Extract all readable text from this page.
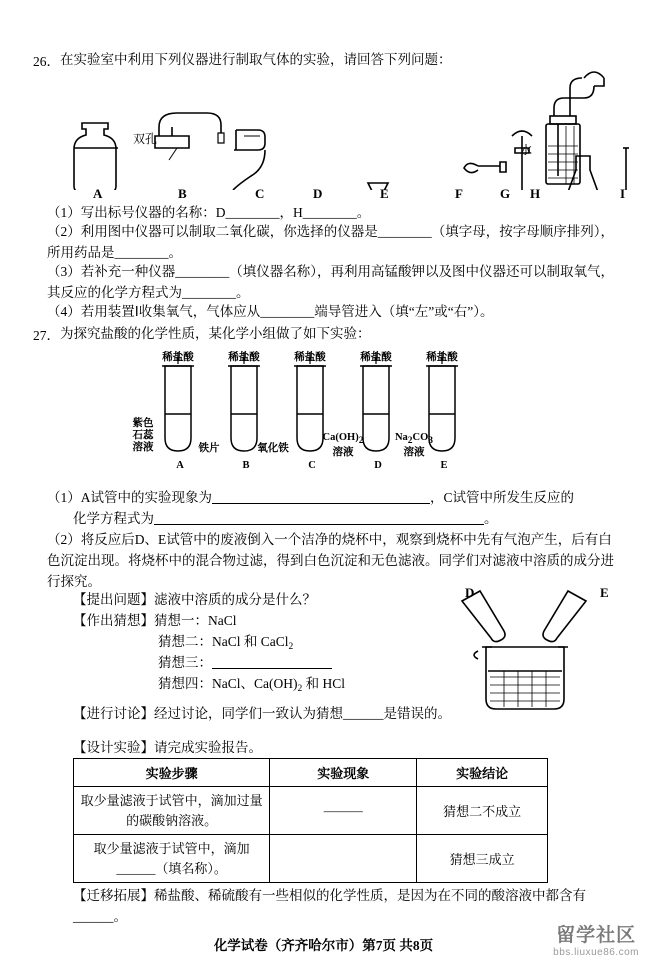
26． 在实验室中利用下列仪器进行制取气体的实验，请回答下列问题：
水
A	B	C	D	E	F	G H	I
双孔
（1）写出标号仪器的名称：D________，H________。
（2）利用图中仪器可以制取二氧化碳，你选择的仪器是________（填字母，按字母顺序排列），所用药品是________。
（3）若补充一种仪器________（填仪器名称），再利用高锰酸钾以及图中仪器还可以制取氧气，其反应的化学方程式为________。
（4）若用装置Ⅰ收集氧气，气体应从________端导管进入（填“左”或“右”）。
27． 为探究盐酸的化学性质，某化学小组做了如下实验：
稀盐酸	稀盐酸	稀盐酸	稀盐酸	稀盐酸
紫色
石蕊
溶液
A
铁片
B
氧化铁
C
Ca(OH)2
溶液
D
Na2CO3
溶液
E
（1）A试管中的实验现象为	，C试管中所发生反应的
化学方程式为	。
（2）将反应后D、E试管中的废液倒入一个洁净的烧杯中，观察到烧杯中先有气泡产生，后有白色沉淀出现。将烧杯中的混合物过滤，得到白色沉淀和无色滤液。同学们对滤液中溶质的成分进行探究。
【提出问题】滤液中溶质的成分是什么？
【作出猜想】猜想一：NaCl
猜想二：NaCl 和 CaCl$_2$
猜想三：
猜想四：NaCl、$Ca(OH)_2$ 和 HCl
【进行讨论】经过讨论，同学们一致认为猜想______是错误的。
【设计实验】请完成实验报告。
D	E
实验步骤	实验现象	实验结论
取少量滤液于试管中，滴加过量的碳酸钠溶液。	———	猜想二不成立
取少量滤液于试管中，滴加______（填名称）。		猜想三成立
【迁移拓展】稀盐酸、稀硫酸有一些相似的化学性质，是因为在不同的酸溶液中都含有______。
化学试卷（齐齐哈尔市）第7页 共8页	留学社区
bbs.liuxue86.com
